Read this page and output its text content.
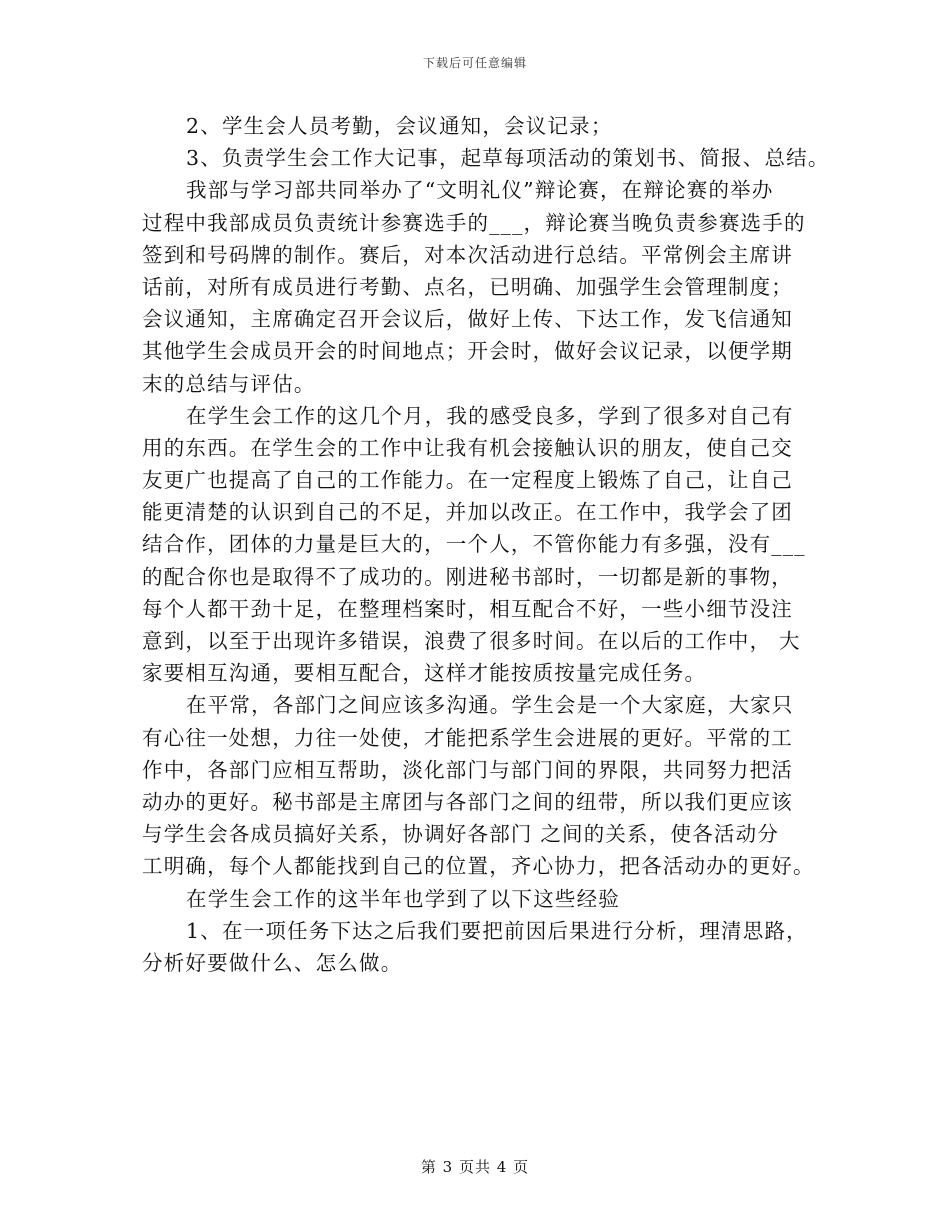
下载后可任意编辑
2、学生会人员考勤，会议通知，会议记录；
3、负责学生会工作大记事，起草每项活动的策划书、简报、总结。
我部与学习部共同举办了“文明礼仪”辩论赛，在辩论赛的举办
过程中我部成员负责统计参赛选手的___，辩论赛当晚负责参赛选手的
签到和号码牌的制作。赛后，对本次活动进行总结。平常例会主席讲
话前，对所有成员进行考勤、点名，已明确、加强学生会管理制度；
会议通知，主席确定召开会议后，做好上传、下达工作，发飞信通知
其他学生会成员开会的时间地点；开会时，做好会议记录，以便学期
末的总结与评估。
在学生会工作的这几个月，我的感受良多，学到了很多对自己有
用的东西。在学生会的工作中让我有机会接触认识的朋友，使自己交
友更广也提高了自己的工作能力。在一定程度上锻炼了自己，让自己
能更清楚的认识到自己的不足，并加以改正。在工作中，我学会了团
结合作，团体的力量是巨大的，一个人，不管你能力有多强，没有___
的配合你也是取得不了成功的。刚进秘书部时，一切都是新的事物，
每个人都干劲十足，在整理档案时，相互配合不好，一些小细节没注
意到，以至于出现许多错误，浪费了很多时间。在以后的工作中， 大
家要相互沟通，要相互配合，这样才能按质按量完成任务。
在平常，各部门之间应该多沟通。学生会是一个大家庭，大家只
有心往一处想，力往一处使，才能把系学生会进展的更好。平常的工
作中，各部门应相互帮助，淡化部门与部门间的界限，共同努力把活
动办的更好。秘书部是主席团与各部门之间的纽带，所以我们更应该
与学生会各成员搞好关系，协调好各部门 之间的关系，使各活动分
工明确，每个人都能找到自己的位置，齐心协力，把各活动办的更好。
在学生会工作的这半年也学到了以下这些经验
1、在一项任务下达之后我们要把前因后果进行分析，理清思路，
分析好要做什么、怎么做。
第 3 页共 4 页
